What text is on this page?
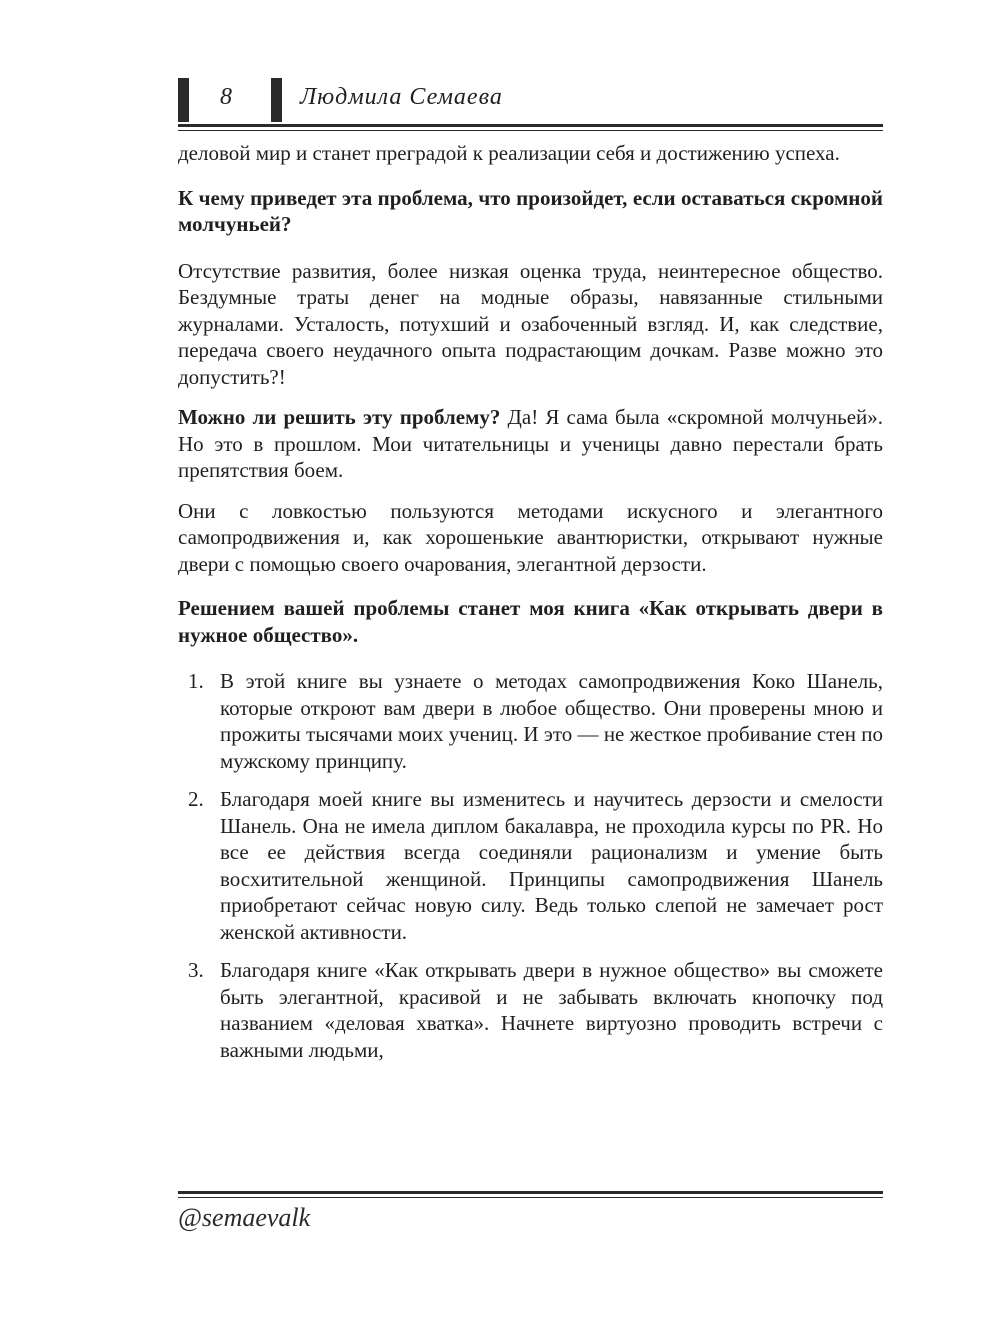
8	Людмила Семаева

деловой мир и станет преградой к реализации себя и достижению успеха.

К чему приведет эта проблема, что произойдет, если оставаться скромной молчуньей?

Отсутствие развития, более низкая оценка труда, неинтересное общество. Бездумные траты денег на модные образы, навязанные стильными журналами. Усталость, потухший и озабоченный взгляд. И, как следствие, передача своего неудачного опыта подрастающим дочкам. Разве можно это допустить?!

Можно ли решить эту проблему? Да! Я сама была «скромной молчуньей». Но это в прошлом. Мои читательницы и ученицы давно перестали брать препятствия боем.

Они с ловкостью пользуются методами искусного и элегантного самопродвижения и, как хорошенькие авантюристки, открывают нужные двери с помощью своего очарования, элегантной дерзости.

Решением вашей проблемы станет моя книга «Как открывать двери в нужное общество».

1. В этой книге вы узнаете о методах самопродвижения Коко Шанель, которые откроют вам двери в любое общество. Они проверены мною и прожиты тысячами моих учениц. И это — не жесткое пробивание стен по мужскому принципу.
2. Благодаря моей книге вы изменитесь и научитесь дерзости и смелости Шанель. Она не имела диплом бакалавра, не проходила курсы по PR. Но все ее действия всегда соединяли рационализм и умение быть восхитительной женщиной. Принципы самопродвижения Шанель приобретают сейчас новую силу. Ведь только слепой не замечает рост женской активности.
3. Благодаря книге «Как открывать двери в нужное общество» вы сможете быть элегантной, красивой и не забывать включать кнопочку под названием «деловая хватка». Начнете виртуозно проводить встречи с важными людьми,
@semaevalk
